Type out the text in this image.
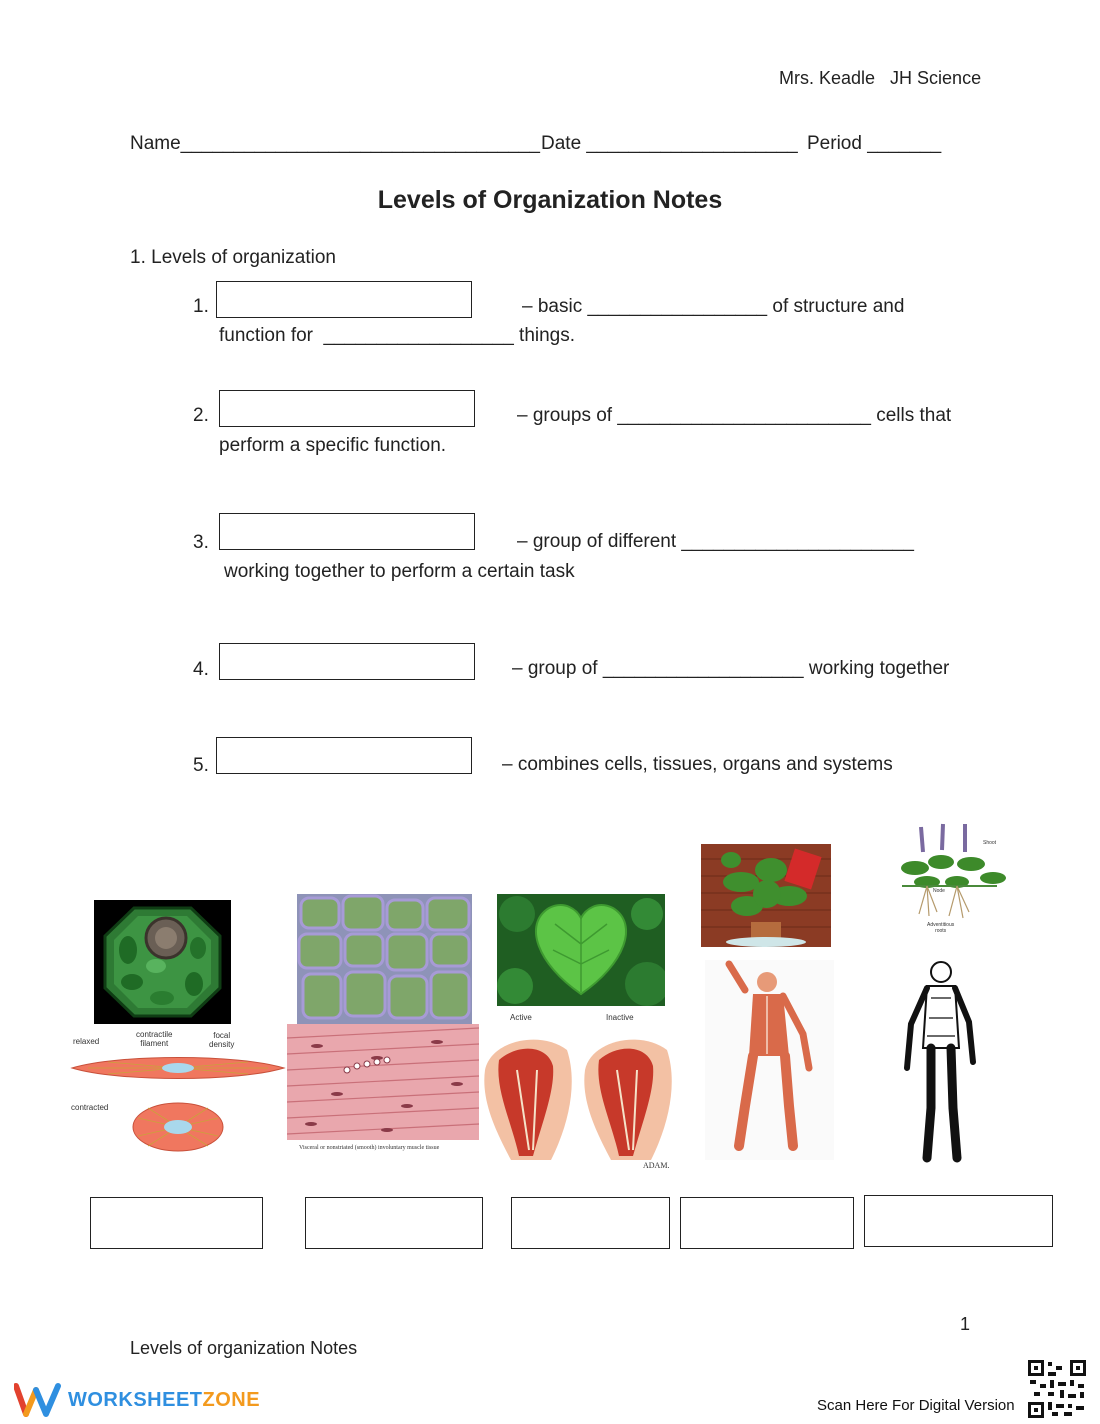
Mrs. Keadle   JH Science
Name__________________________________ Date ____________________ Period _______
Levels of Organization Notes
1. Levels of organization
1.	– basic _________________ of structure and
function for  __________________ things.
2.	– groups of ________________________ cells that
perform a specific function.
3.	– group of different ______________________
working together to perform a certain task
4.	– group of ___________________ working together
5.	– combines cells, tissues, organs and systems
Shoot
Node
Adventitious
roots
relaxed
contractile
filament
focal
density
contracted
Visceral or nonstriated (smooth) involuntary muscle tissue
Active	Inactive
ADAM.
1
Levels of organization Notes
WORKSHEETZONE	Scan Here For Digital Version
